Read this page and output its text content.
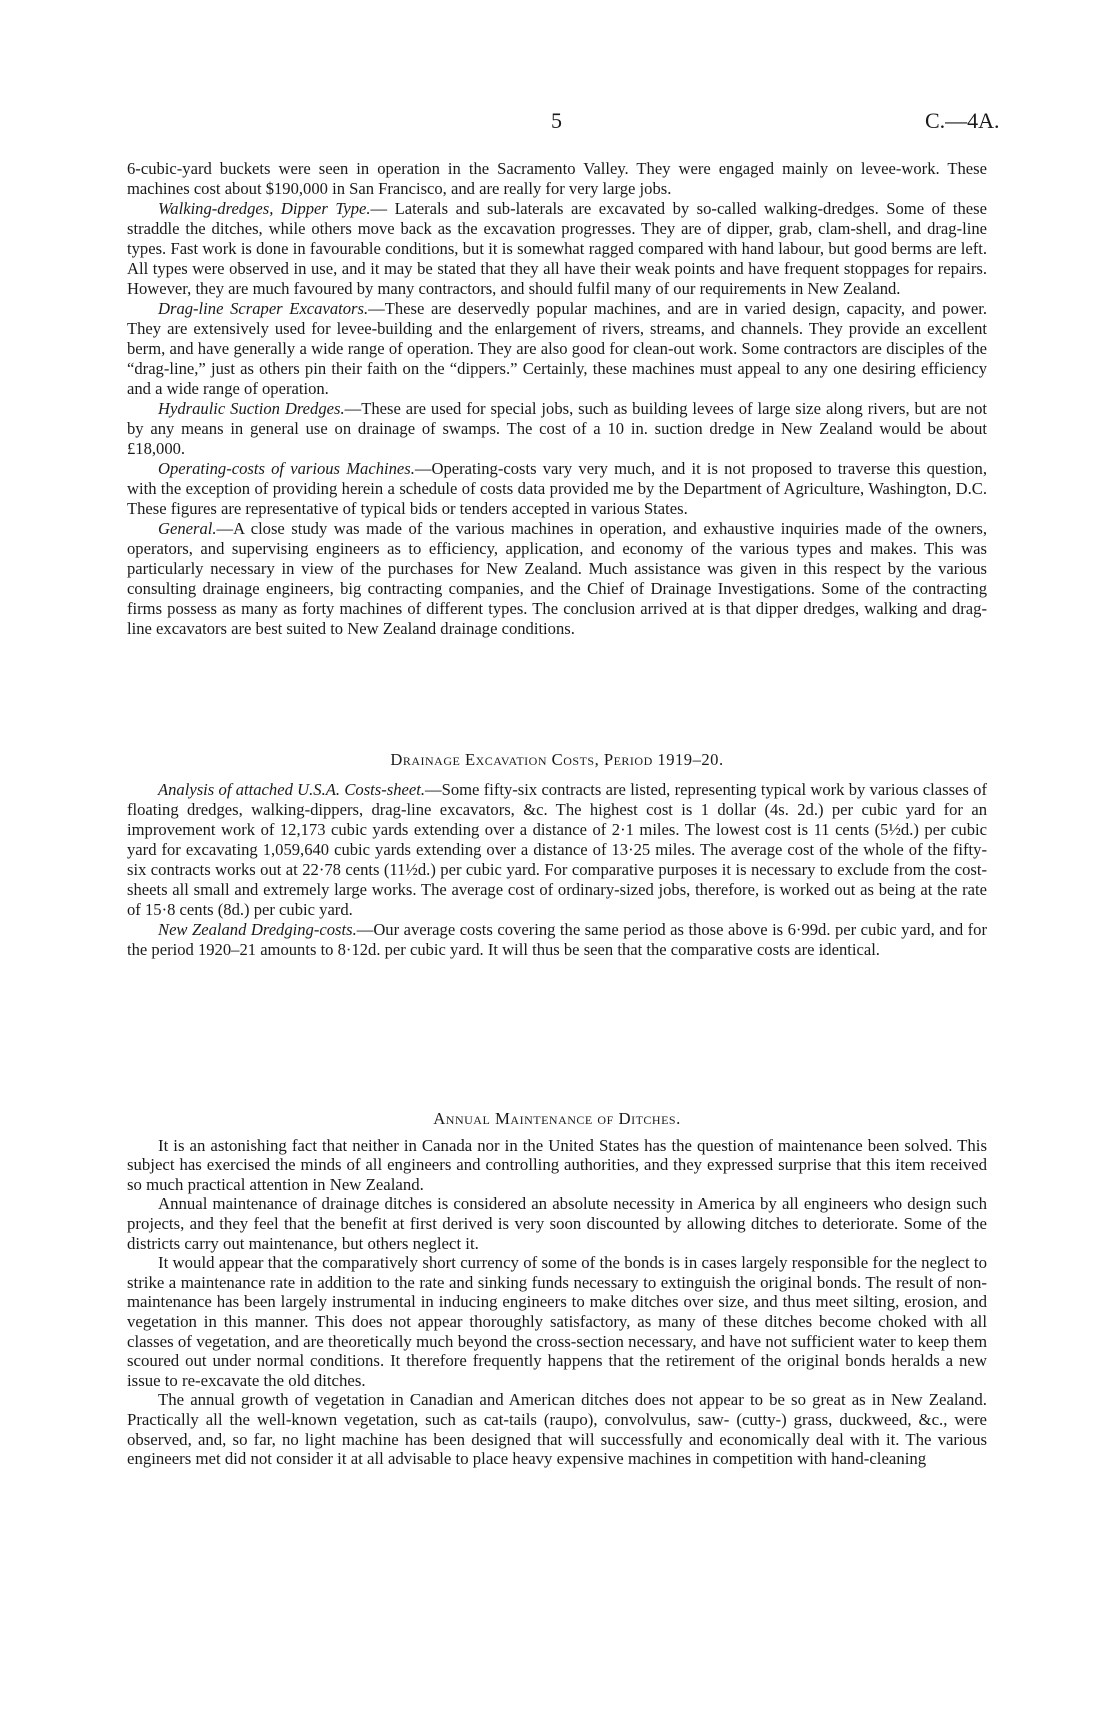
5	C.—4A.

6-cubic-yard buckets were seen in operation in the Sacramento Valley. They were engaged mainly on levee-work. These machines cost about $190,000 in San Francisco, and are really for very large jobs.

Walking-dredges, Dipper Type.— Laterals and sub-laterals are excavated by so-called walking-dredges. Some of these straddle the ditches, while others move back as the excavation progresses. They are of dipper, grab, clam-shell, and drag-line types. Fast work is done in favourable conditions, but it is somewhat ragged compared with hand labour, but good berms are left. All types were observed in use, and it may be stated that they all have their weak points and have frequent stoppages for repairs. However, they are much favoured by many contractors, and should fulfil many of our requirements in New Zealand.

Drag-line Scraper Excavators.—These are deservedly popular machines, and are in varied design, capacity, and power. They are extensively used for levee-building and the enlargement of rivers, streams, and channels. They provide an excellent berm, and have generally a wide range of operation. They are also good for clean-out work. Some contractors are disciples of the “drag-line,” just as others pin their faith on the “dippers.” Certainly, these machines must appeal to any one desiring efficiency and a wide range of operation.

Hydraulic Suction Dredges.—These are used for special jobs, such as building levees of large size along rivers, but are not by any means in general use on drainage of swamps. The cost of a 10 in. suction dredge in New Zealand would be about £18,000.

Operating-costs of various Machines.—Operating-costs vary very much, and it is not proposed to traverse this question, with the exception of providing herein a schedule of costs data provided me by the Department of Agriculture, Washington, D.C. These figures are representative of typical bids or tenders accepted in various States.

General.—A close study was made of the various machines in operation, and exhaustive inquiries made of the owners, operators, and supervising engineers as to efficiency, application, and economy of the various types and makes. This was particularly necessary in view of the purchases for New Zealand. Much assistance was given in this respect by the various consulting drainage engineers, big contracting companies, and the Chief of Drainage Investigations. Some of the contracting firms possess as many as forty machines of different types. The conclusion arrived at is that dipper dredges, walking and drag-line excavators are best suited to New Zealand drainage conditions.

Drainage Excavation Costs, Period 1919–20.

Analysis of attached U.S.A. Costs-sheet.—Some fifty-six contracts are listed, representing typical work by various classes of floating dredges, walking-dippers, drag-line excavators, &c. The highest cost is 1 dollar (4s. 2d.) per cubic yard for an improvement work of 12,173 cubic yards extending over a distance of 2·1 miles. The lowest cost is 11 cents (5½d.) per cubic yard for excavating 1,059,640 cubic yards extending over a distance of 13·25 miles. The average cost of the whole of the fifty-six contracts works out at 22·78 cents (11½d.) per cubic yard. For comparative purposes it is necessary to exclude from the cost-sheets all small and extremely large works. The average cost of ordinary-sized jobs, therefore, is worked out as being at the rate of 15·8 cents (8d.) per cubic yard.

New Zealand Dredging-costs.—Our average costs covering the same period as those above is 6·99d. per cubic yard, and for the period 1920–21 amounts to 8·12d. per cubic yard. It will thus be seen that the comparative costs are identical.

Annual Maintenance of Ditches.

It is an astonishing fact that neither in Canada nor in the United States has the question of maintenance been solved. This subject has exercised the minds of all engineers and controlling authorities, and they expressed surprise that this item received so much practical attention in New Zealand.

Annual maintenance of drainage ditches is considered an absolute necessity in America by all engineers who design such projects, and they feel that the benefit at first derived is very soon discounted by allowing ditches to deteriorate. Some of the districts carry out maintenance, but others neglect it.

It would appear that the comparatively short currency of some of the bonds is in cases largely responsible for the neglect to strike a maintenance rate in addition to the rate and sinking funds necessary to extinguish the original bonds. The result of non-maintenance has been largely instrumental in inducing engineers to make ditches over size, and thus meet silting, erosion, and vegetation in this manner. This does not appear thoroughly satisfactory, as many of these ditches become choked with all classes of vegetation, and are theoretically much beyond the cross-section necessary, and have not sufficient water to keep them scoured out under normal conditions. It therefore frequently happens that the retirement of the original bonds heralds a new issue to re-excavate the old ditches.

The annual growth of vegetation in Canadian and American ditches does not appear to be so great as in New Zealand. Practically all the well-known vegetation, such as cat-tails (raupo), convolvulus, saw- (cutty-) grass, duckweed, &c., were observed, and, so far, no light machine has been designed that will successfully and economically deal with it. The various engineers met did not consider it at all advisable to place heavy expensive machines in competition with hand-cleaning
